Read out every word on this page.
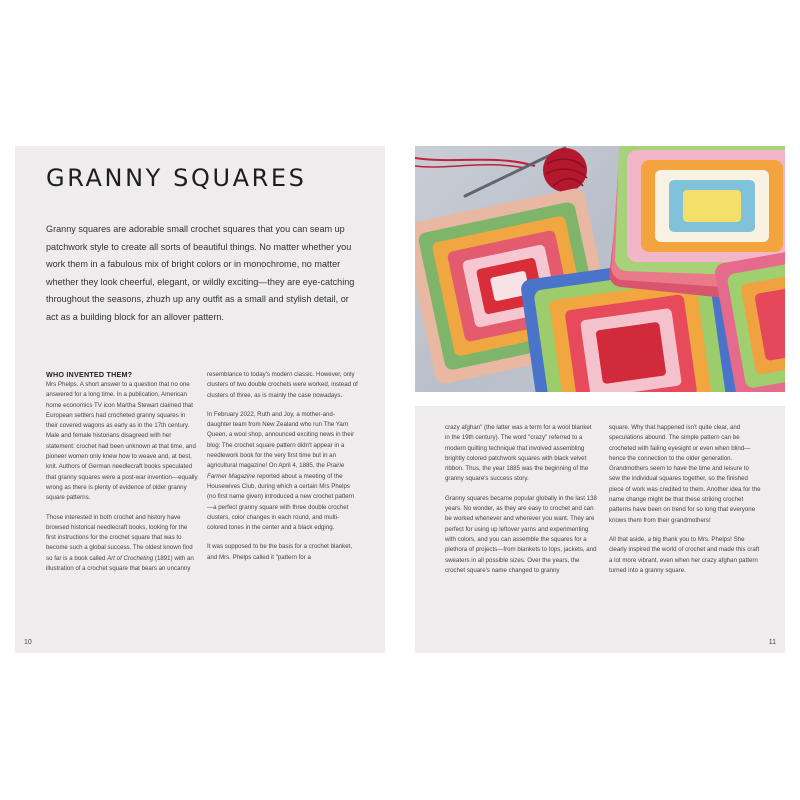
GRANNY SQUARES

Granny squares are adorable small crochet squares that you can seam up patchwork style to create all sorts of beautiful things. No matter whether you work them in a fabulous mix of bright colors or in monochrome, no matter whether they look cheerful, elegant, or wildly exciting—they are eye-catching throughout the seasons, zhuzh up any outfit as a small and stylish detail, or act as a building block for an allover pattern.

WHO INVENTED THEM?

Mrs Phelps. A short answer to a question that no one answered for a long time. In a publication, American home economics TV icon Martha Stewart claimed that European settlers had crocheted granny squares in their covered wagons as early as in the 17th century. Male and female historians disagreed with her statement: crochet had been unknown at that time, and pioneer women only knew how to weave and, at best, knit. Authors of German needlecraft books speculated that granny squares were a post-war invention—equally wrong as there is plenty of evidence of older granny square patterns.

Those interested in both crochet and history have browsed historical needlecraft books, looking for the first instructions for the crochet square that was to become such a global success. The oldest known find so far is a book called Art of Crocheting (1891) with an illustration of a crochet square that bears an uncanny

resemblance to today's modern classic. However, only clusters of two double crochets were worked, instead of clusters of three, as is mainly the case nowadays.

In February 2022, Ruth and Joy, a mother-and-daughter team from New Zealand who run The Yarn Queen, a wool shop, announced exciting news in their blog: The crochet square pattern didn't appear in a needlework book for the very first time but in an agricultural magazine! On April 4, 1885, the Prairie Farmer Magazine reported about a meeting of the Housewives Club, during which a certain Mrs Phelps (no first name given) introduced a new crochet pattern—a perfect granny square with three double crochet clusters, color changes in each round, and multi-colored tones in the center and a black edging.

It was supposed to be the basis for a crochet blanket, and Mrs. Phelps called it "pattern for a

10

crazy afghan" (the latter was a term for a wool blanket in the 19th century). The word "crazy" referred to a modern quilting technique that involved assembling brightly colored patchwork squares with black velvet ribbon. Thus, the year 1885 was the beginning of the granny square's success story.

Granny squares became popular globally in the last 138 years. No wonder, as they are easy to crochet and can be worked whenever and wherever you want. They are perfect for using up leftover yarns and experimenting with colors, and you can assemble the squares for a plethora of projects—from blankets to tops, jackets, and sweaters in all possible sizes. Over the years, the crochet square's name changed to granny

square. Why that happened isn't quite clear, and speculations abound. The simple pattern can be crocheted with failing eyesight or even when blind—hence the connection to the older generation. Grandmothers seem to have the time and leisure to sew the individual squares together, so the finished piece of work was credited to them. Another idea for the name change might be that these striking crochet patterns have been on trend for so long that everyone knows them from their grandmothers!

All that aside, a big thank you to Mrs. Phelps! She clearly inspired the world of crochet and made this craft a lot more vibrant, even when her crazy afghan pattern turned into a granny square.

11
